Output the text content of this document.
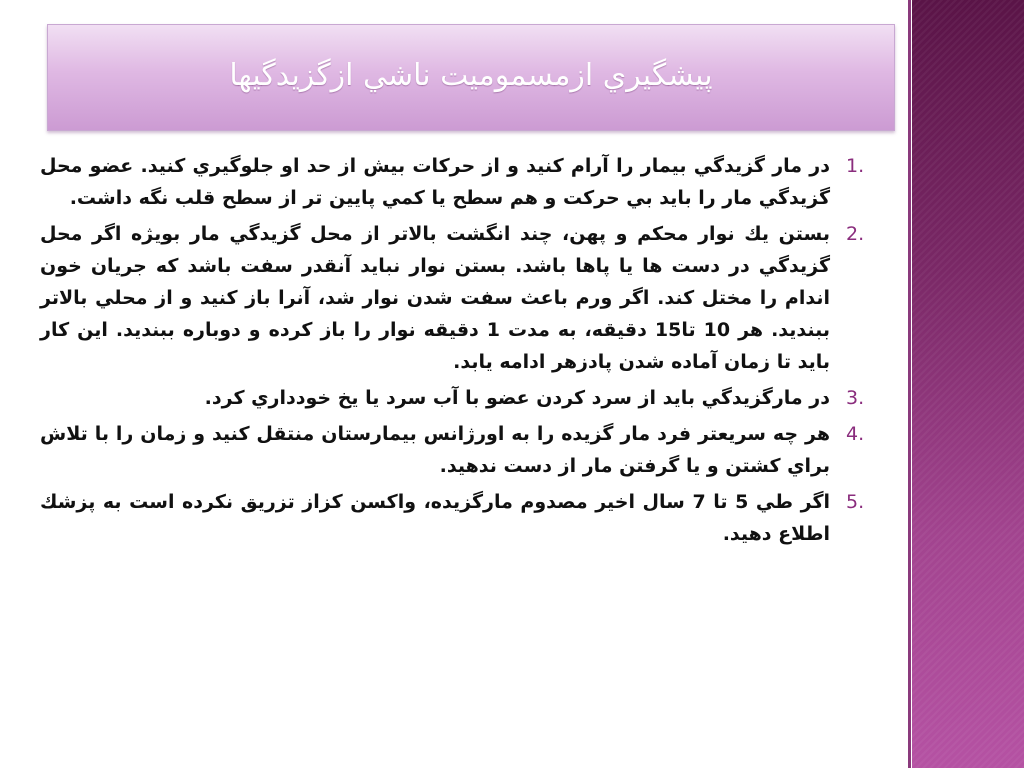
پيشگيري ازمسموميت ناشي ازگزيدگيها
1.
در مار گزيدگي بيمار را آرام كنيد و از حركات بيش از حد او جلوگيري كنيد. عضو محل گزيدگي مار را بايد بي حركت و هم سطح يا كمي پايين تر از سطح قلب نگه داشت.
2.
بستن يك نوار محكم و پهن، چند انگشت بالاتر از محل گزيدگي مار بويژه اگر محل گزيدگي در دست ها يا پاها باشد. بستن نوار نبايد آنقدر سفت باشد كه جريان خون اندام را مختل كند. اگر ورم باعث سفت شدن نوار شد، آنرا باز كنيد و از محلي بالاتر ببنديد. هر 10 تا15 دقيقه، به مدت 1 دقيقه نوار را باز كرده و دوباره ببنديد. اين كار بايد تا زمان آماده شدن پادزهر ادامه يابد.
3.
در مارگزيدگي بايد از سرد كردن عضو با آب سرد يا يخ خودداري كرد.
4.
هر چه سريعتر فرد مار گزيده را به اورژانس بيمارستان منتقل كنيد و زمان را با تلاش براي كشتن و يا گرفتن مار از دست ندهيد.
5.
اگر طي 5 تا 7 سال اخير مصدوم مارگزيده، واكسن كزاز تزريق نكرده است به پزشك اطلاع دهيد.
